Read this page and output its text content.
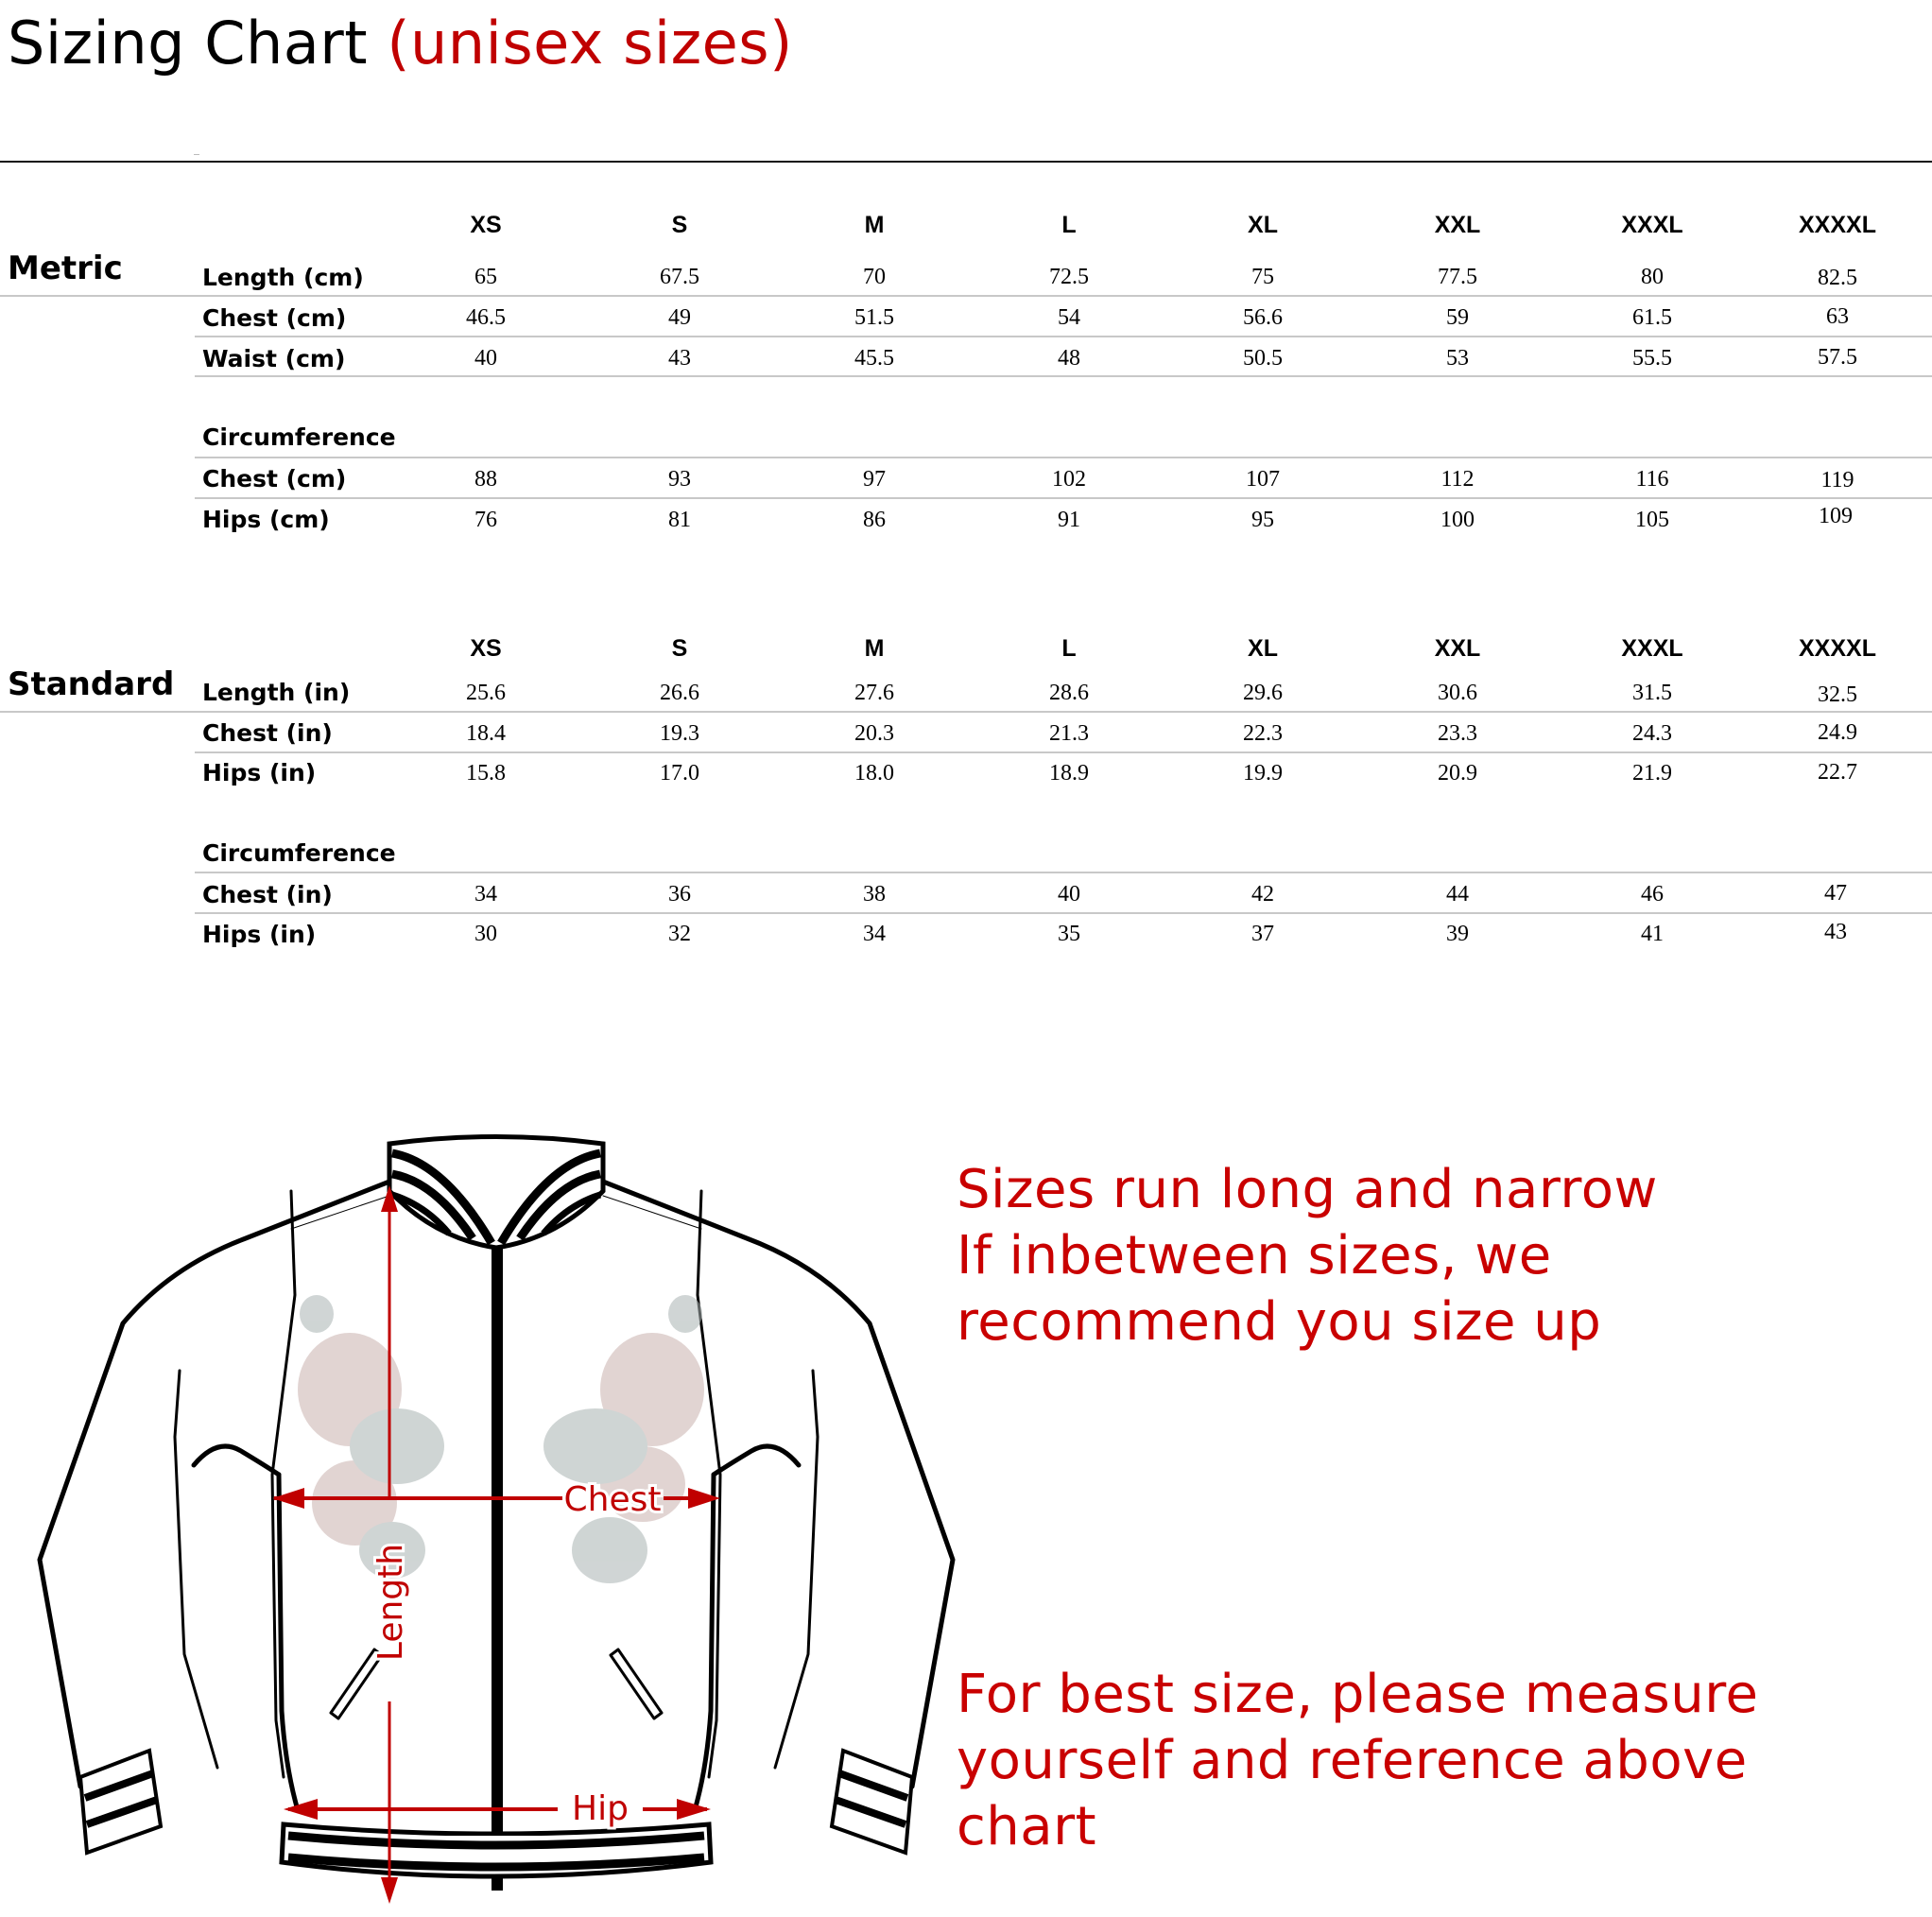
Sizing Chart (unisex sizes)
Metric
XS	S	M	L	XL	XXL	XXXL	XXXXL
Length (cm)	65	67.5	70	72.5	75	77.5	80	82.5
Chest (cm)	46.5	49	51.5	54	56.6	59	61.5	63
Waist (cm)	40	43	45.5	48	50.5	53	55.5	57.5
Circumference
Chest (cm)	88	93	97	102	107	112	116	119
Hips (cm)	76	81	86	91	95	100	105	109
Standard
XS	S	M	L	XL	XXL	XXXL	XXXXL
Length (in)	25.6	26.6	27.6	28.6	29.6	30.6	31.5	32.5
Chest (in)	18.4	19.3	20.3	21.3	22.3	23.3	24.3	24.9
Hips (in)	15.8	17.0	18.0	18.9	19.9	20.9	21.9	22.7
Circumference
Chest (in)	34	36	38	40	42	44	46	47
Hips (in)	30	32	34	35	37	39	41	43
Chest
Length
Hip
Sizes run long and narrow
If inbetween sizes, we
recommend you size up
For best size, please measure
yourself and reference above
chart
